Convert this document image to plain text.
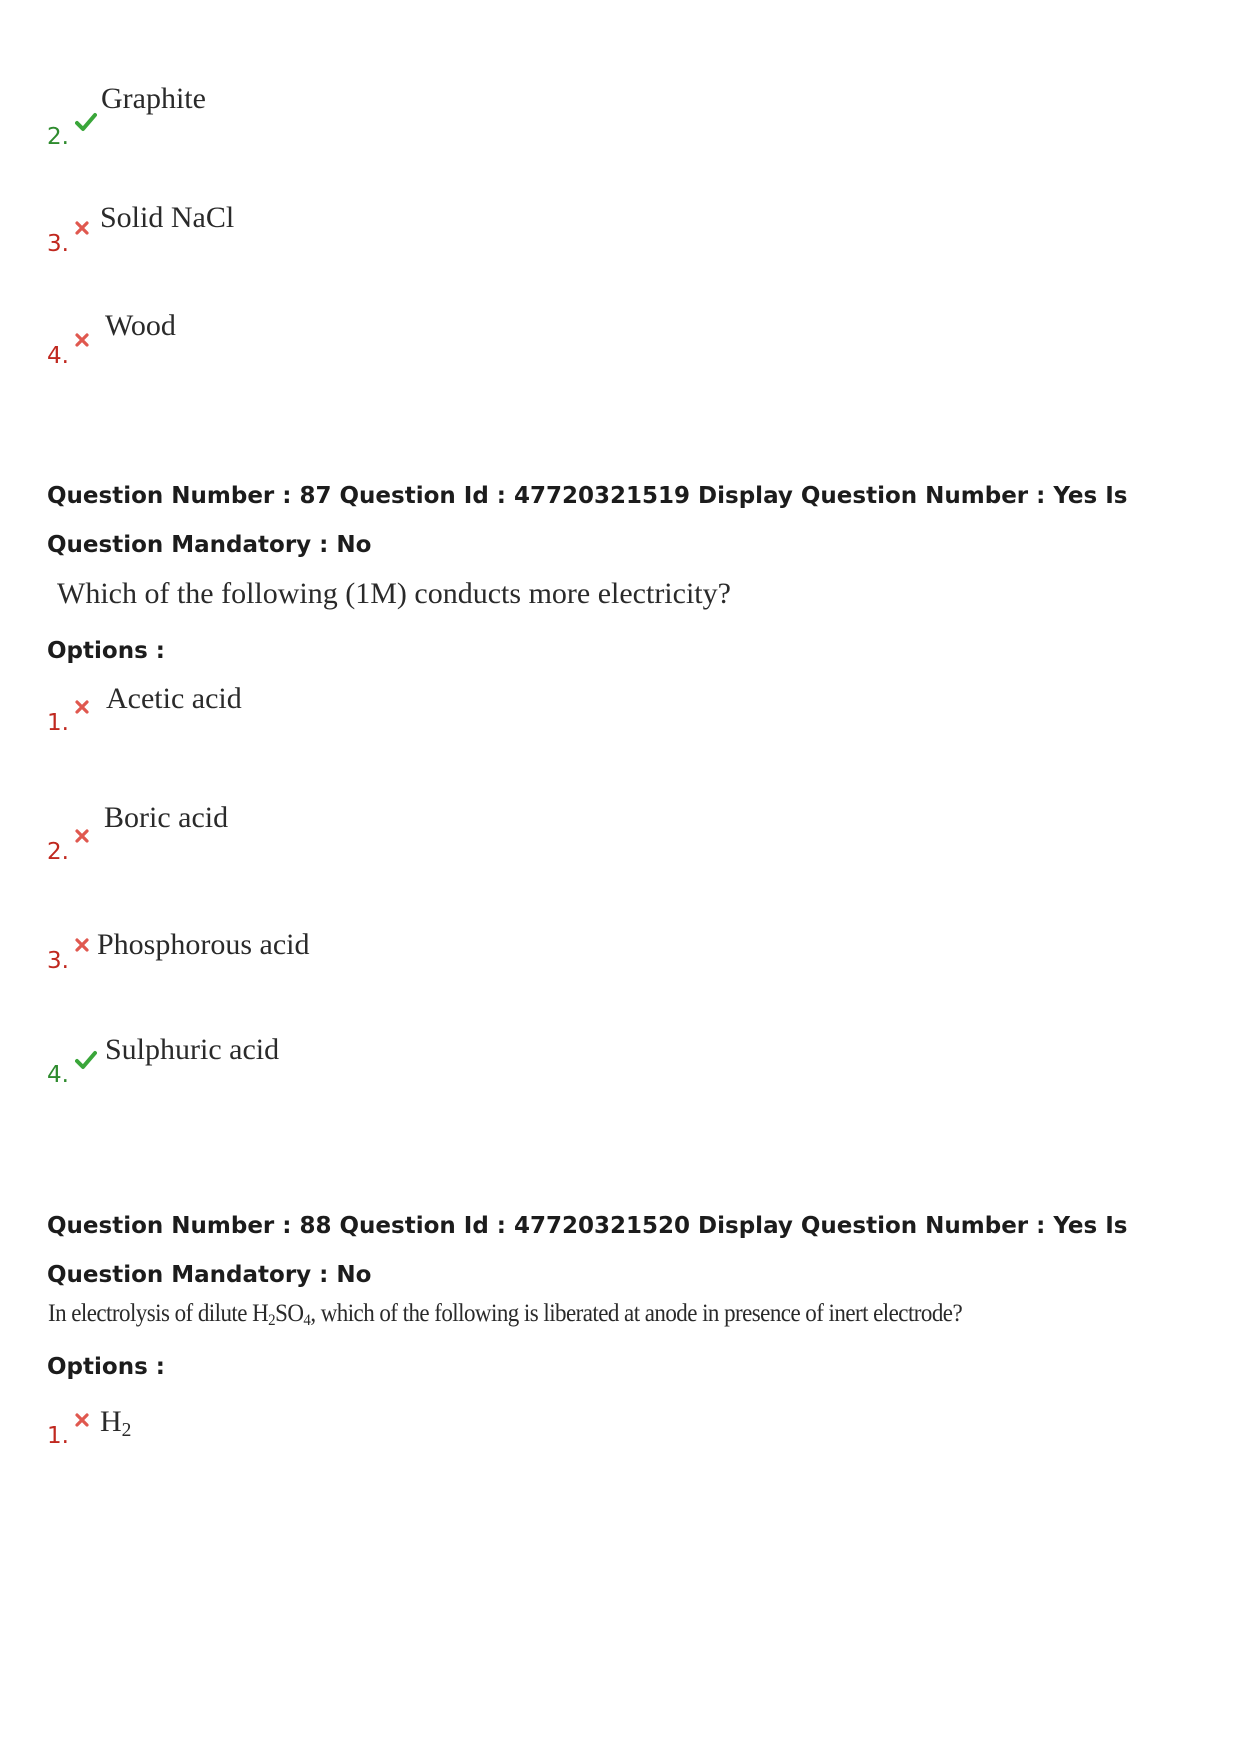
2.
Graphite
3.
Solid NaCl
4.
Wood
Question Number : 87 Question Id : 47720321519 Display Question Number : Yes Is Question Mandatory : No
Which of the following (1M) conducts more electricity?
Options :
1.
Acetic acid
2.
Boric acid
3. Phosphorous acid
4.
Sulphuric acid
Question Number : 88 Question Id : 47720321520 Display Question Number : Yes Is Question Mandatory : No
In electrolysis of dilute $H_2SO_4$, which of the following is liberated at anode in presence of inert electrode?
Options :
1. $H_2$
